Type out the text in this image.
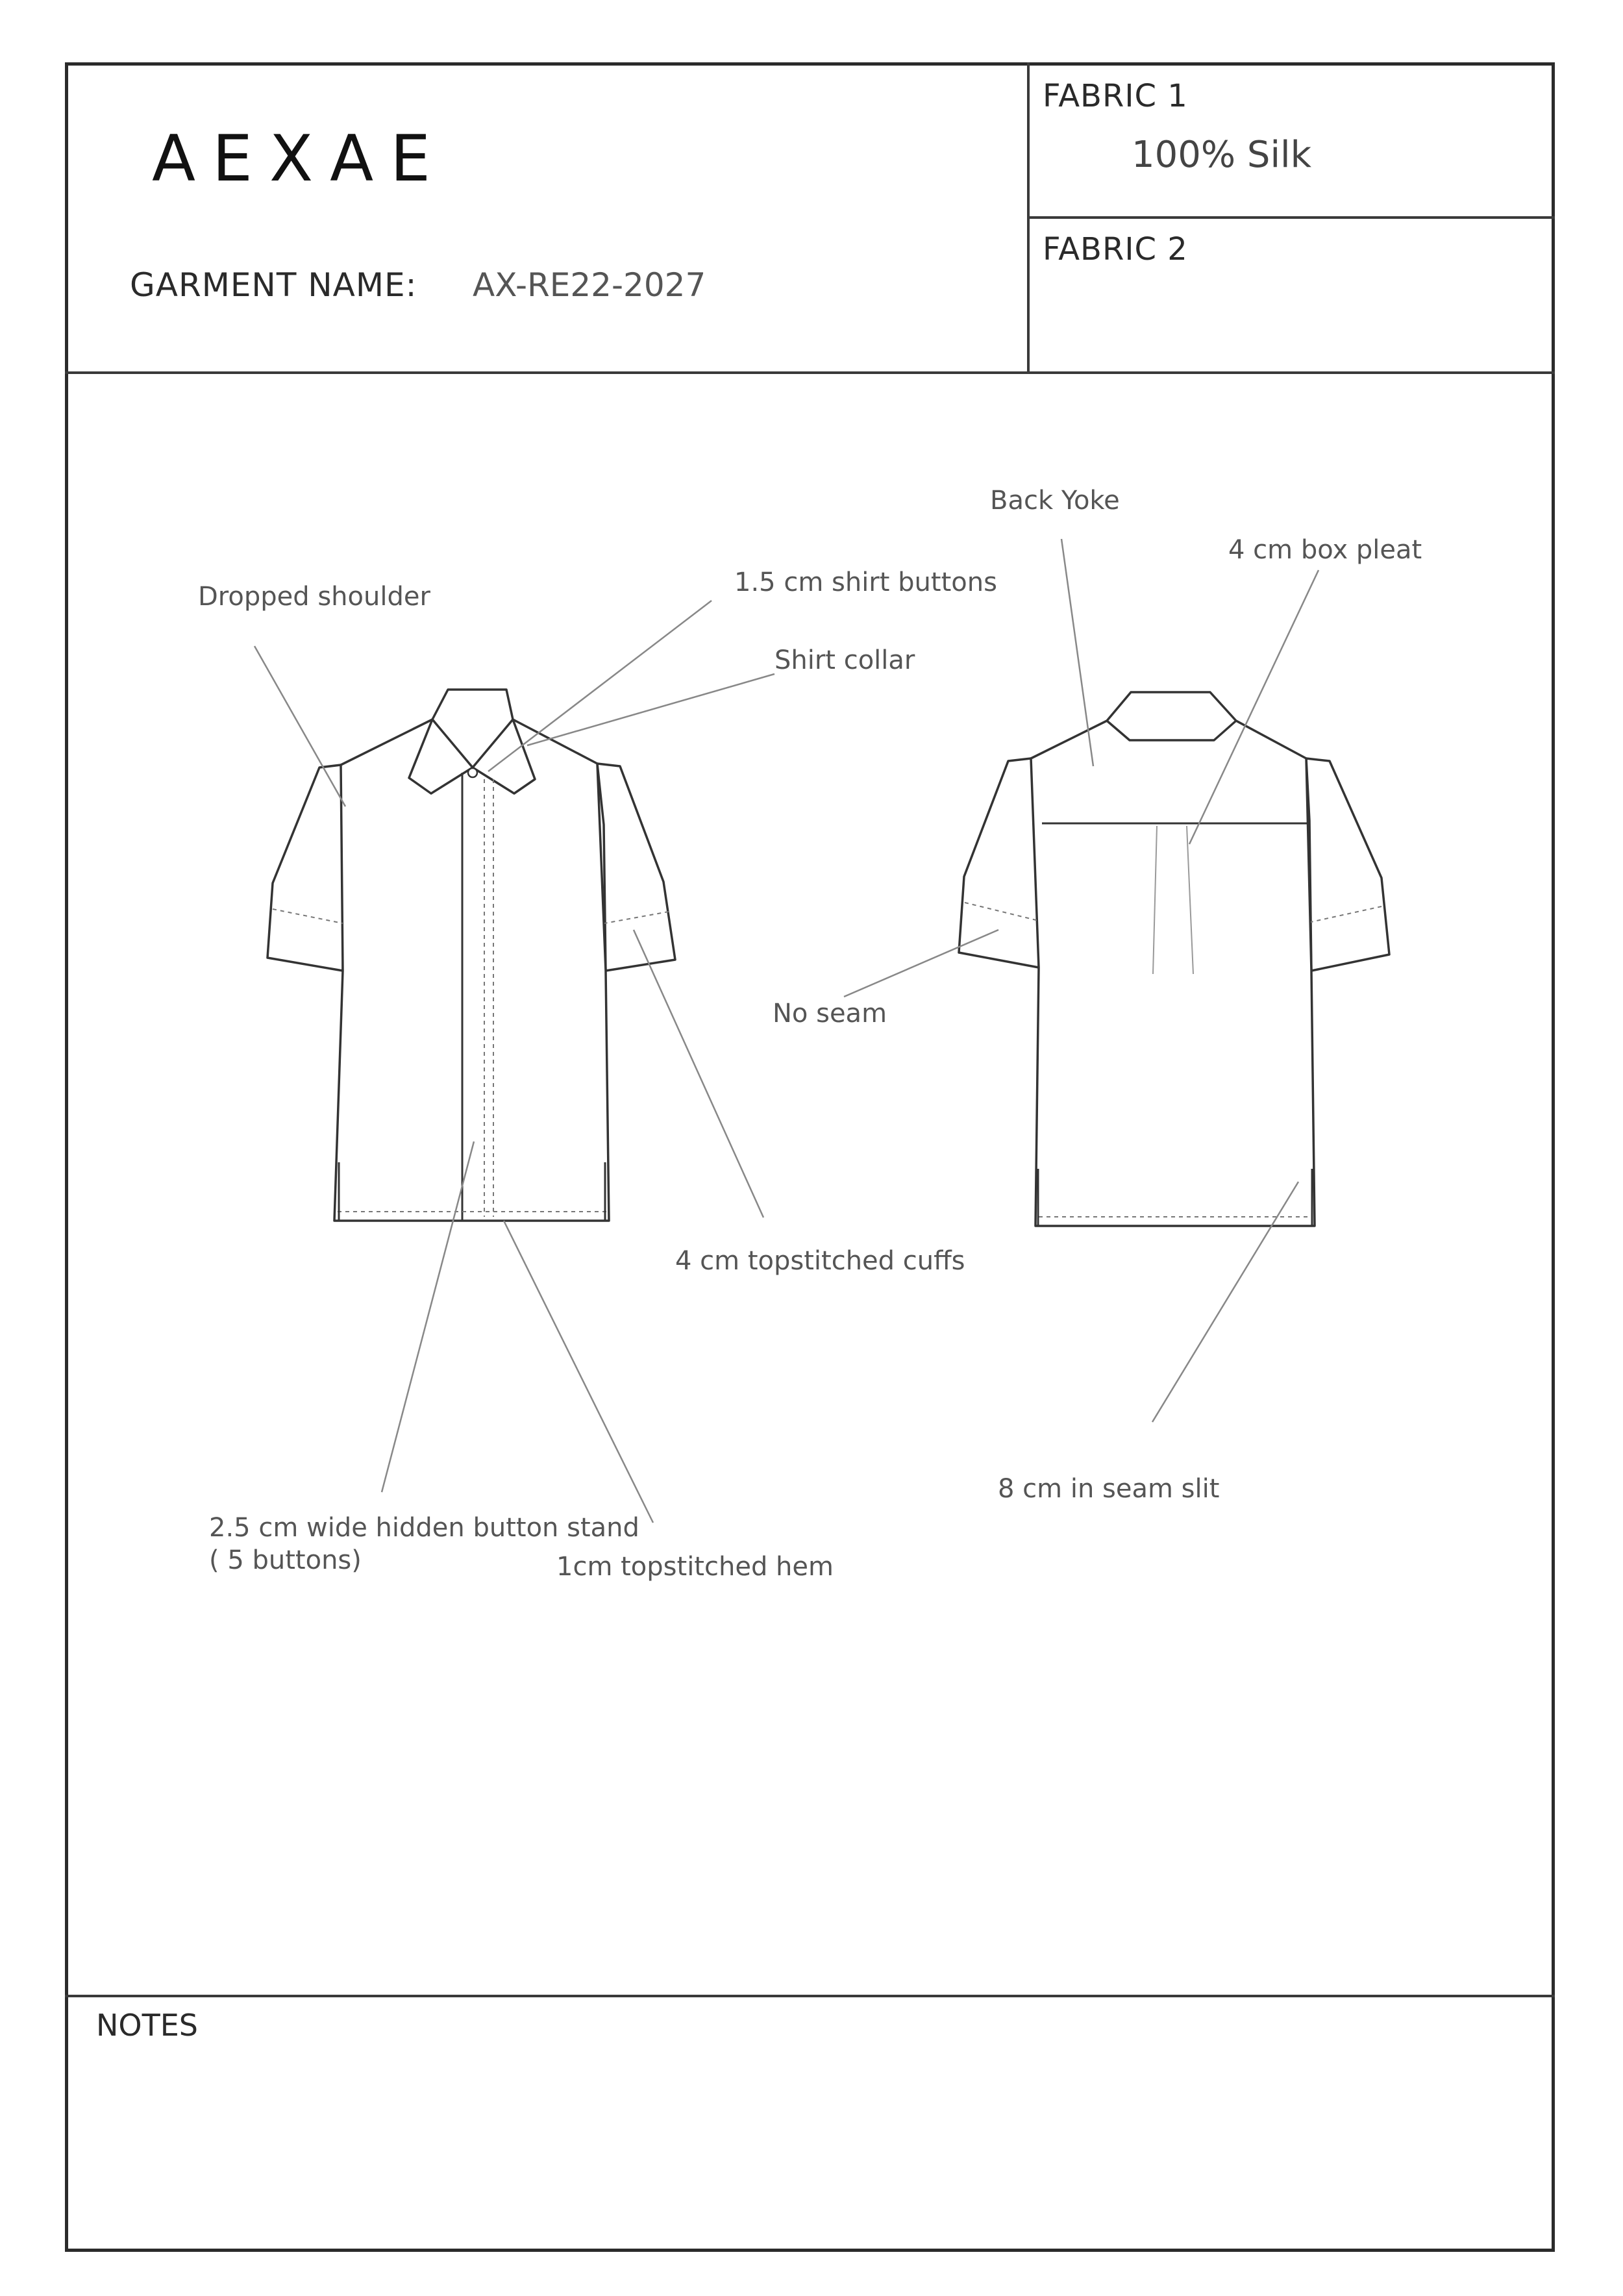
AEXAE
GARMENT NAME: AX-RE22-2027
FABRIC 1
100% Silk
FABRIC 2
Dropped shoulder	1.5 cm shirt buttons
Shirt collar
Back Yoke
4 cm box pleat
No seam
4 cm topstitched cuffs
2.5 cm wide hidden button stand
( 5 buttons)	1cm topstitched hem
8 cm in seam slit
NOTES
